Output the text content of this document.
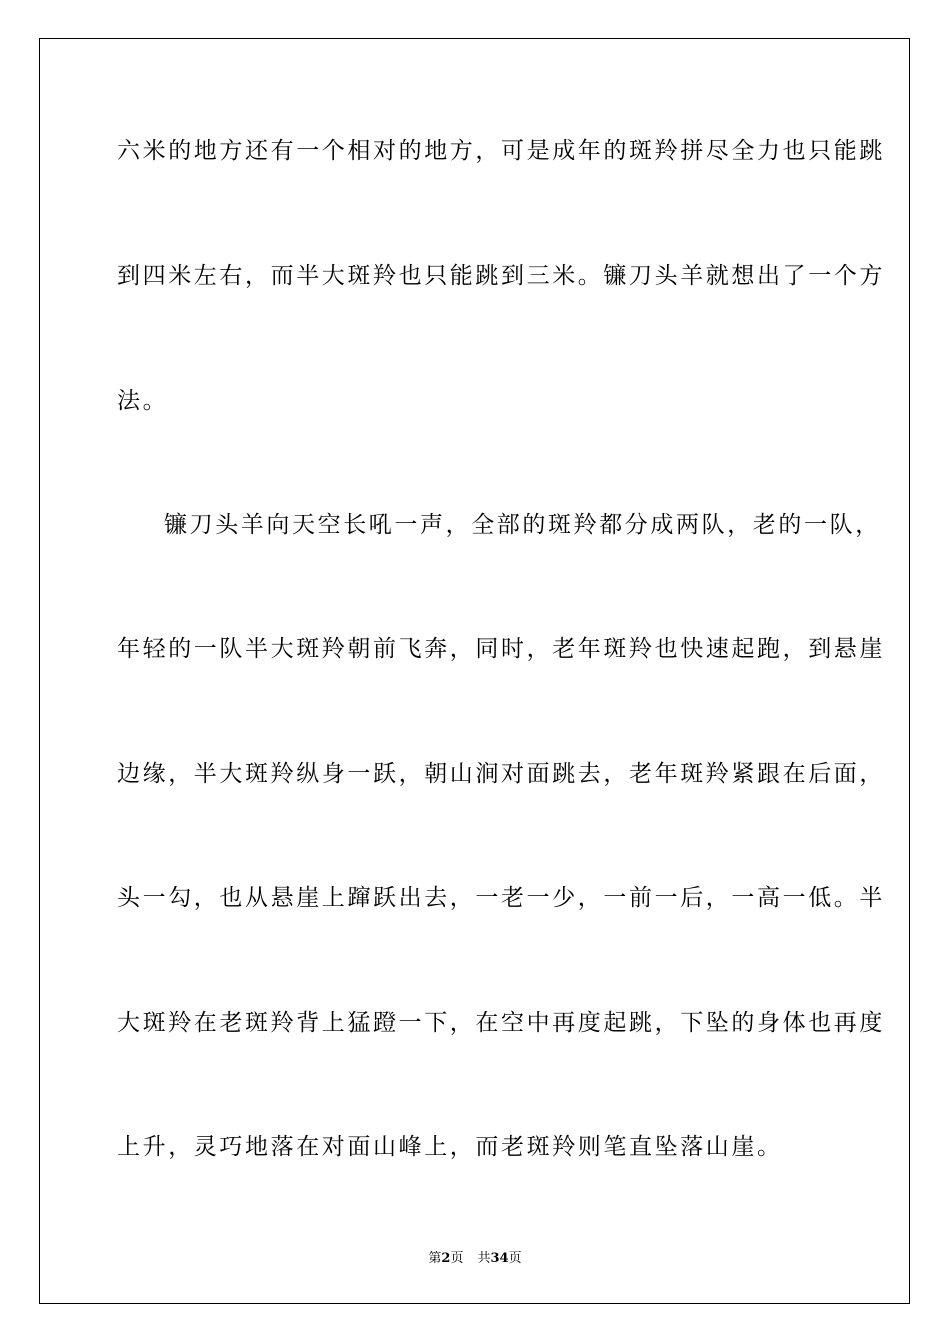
六米的地方还有一个相对的地方，可是成年的斑羚拼尽全力也只能跳

到四米左右，而半大斑羚也只能跳到三米。镰刀头羊就想出了一个方

法。

镰刀头羊向天空长吼一声，全部的斑羚都分成两队，老的一队，

年轻的一队半大斑羚朝前飞奔，同时，老年斑羚也快速起跑，到悬崖

边缘，半大斑羚纵身一跃，朝山涧对面跳去，老年斑羚紧跟在后面，

头一勾，也从悬崖上蹿跃出去，一老一少，一前一后，一高一低。半

大斑羚在老斑羚背上猛蹬一下，在空中再度起跳，下坠的身体也再度

上升，灵巧地落在对面山峰上，而老斑羚则笔直坠落山崖。

第2页 共34页
